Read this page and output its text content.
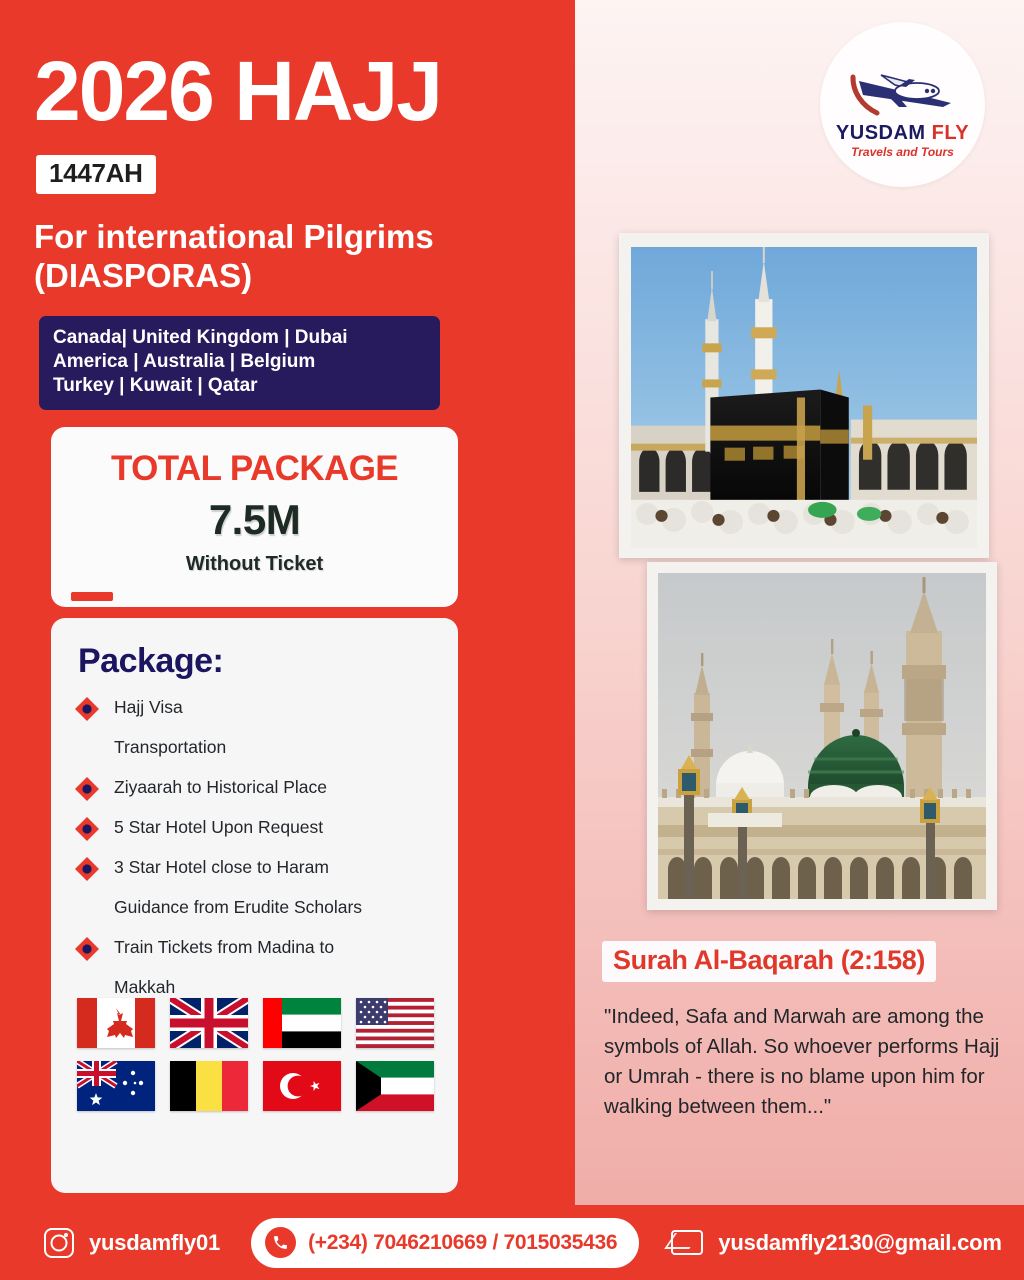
YUSDAM FLY
Travels and Tours
2026 HAJJ
1447AH
For international Pilgrims
(DIASPORAS)
Canada| United Kingdom | Dubai
America | Australia | Belgium
Turkey | Kuwait | Qatar
TOTAL PACKAGE
7.5M
Without Ticket
Package:
Hajj Visa
Transportation
Ziyaarah to Historical Place
5 Star Hotel Upon Request
3 Star Hotel close to Haram
Guidance from Erudite Scholars
Train Tickets from Madina to
Makkah
Surah Al-Baqarah (2:158)
"Indeed, Safa and Marwah are among the symbols of Allah. So whoever performs Hajj or Umrah - there is no blame upon him for walking between them..."
yusdamfly01	(+234) 7046210669 / 7015035436	yusdamfly2130@gmail.com
